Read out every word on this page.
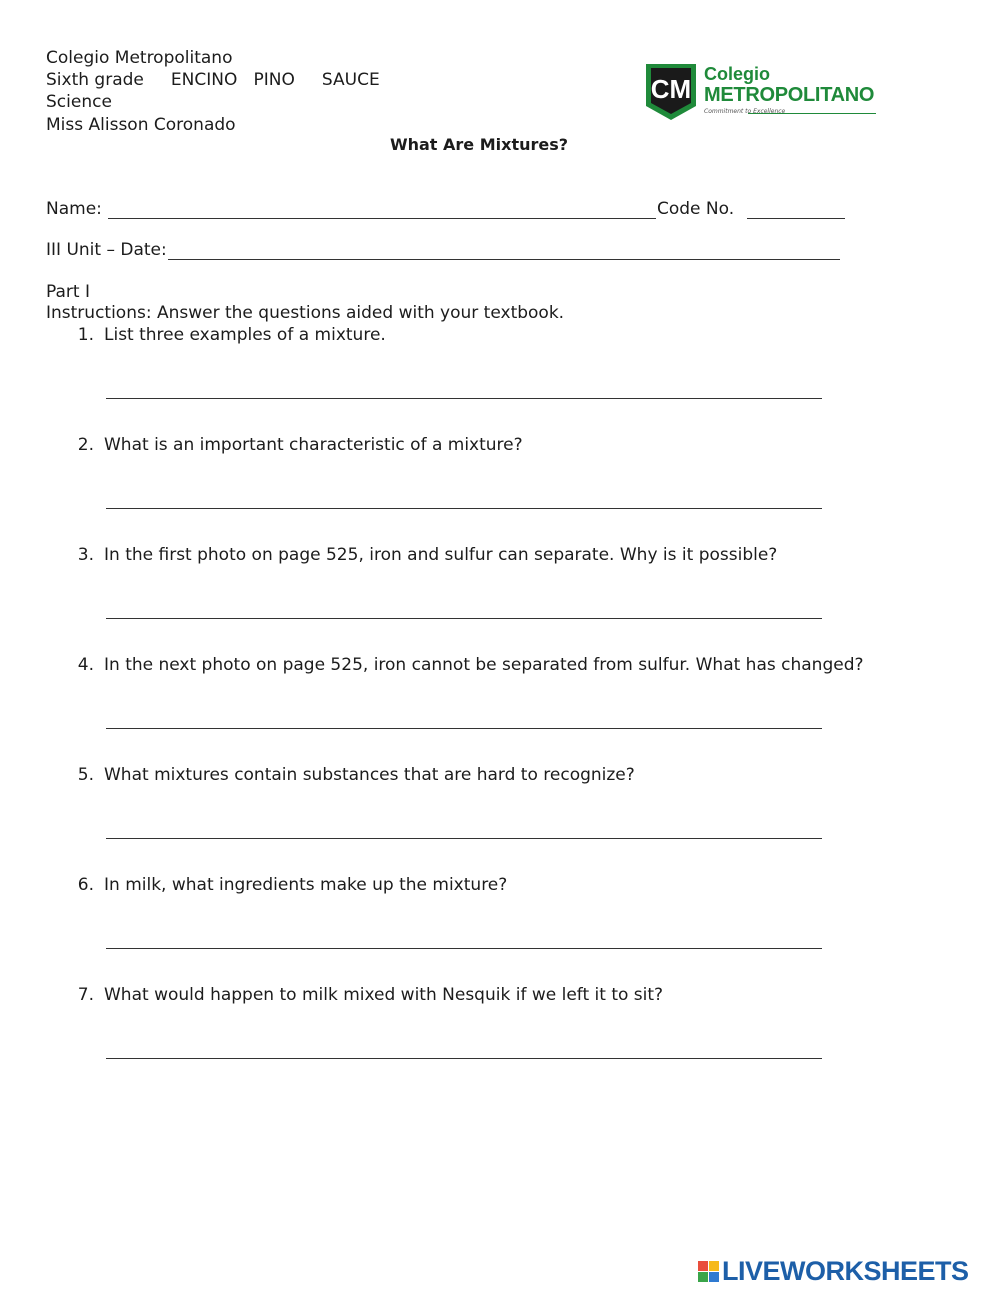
Colegio Metropolitano
Sixth grade     ENCINO   PINO     SAUCE
Science
Miss Alisson Coronado
CM Colegio
METROPOLITANO
Commitment to Excellence
What Are Mixtures?
Name:	Code No.
III Unit – Date:
Part I
Instructions: Answer the questions aided with your textbook.
1. List three examples of a mixture.
2. What is an important characteristic of a mixture?
3. In the first photo on page 525, iron and sulfur can separate. Why is it possible?
4. In the next photo on page 525, iron cannot be separated from sulfur. What has changed?
5. What mixtures contain substances that are hard to recognize?
6. In milk, what ingredients make up the mixture?
7. What would happen to milk mixed with Nesquik if we left it to sit?
LIVEWORKSHEETS
